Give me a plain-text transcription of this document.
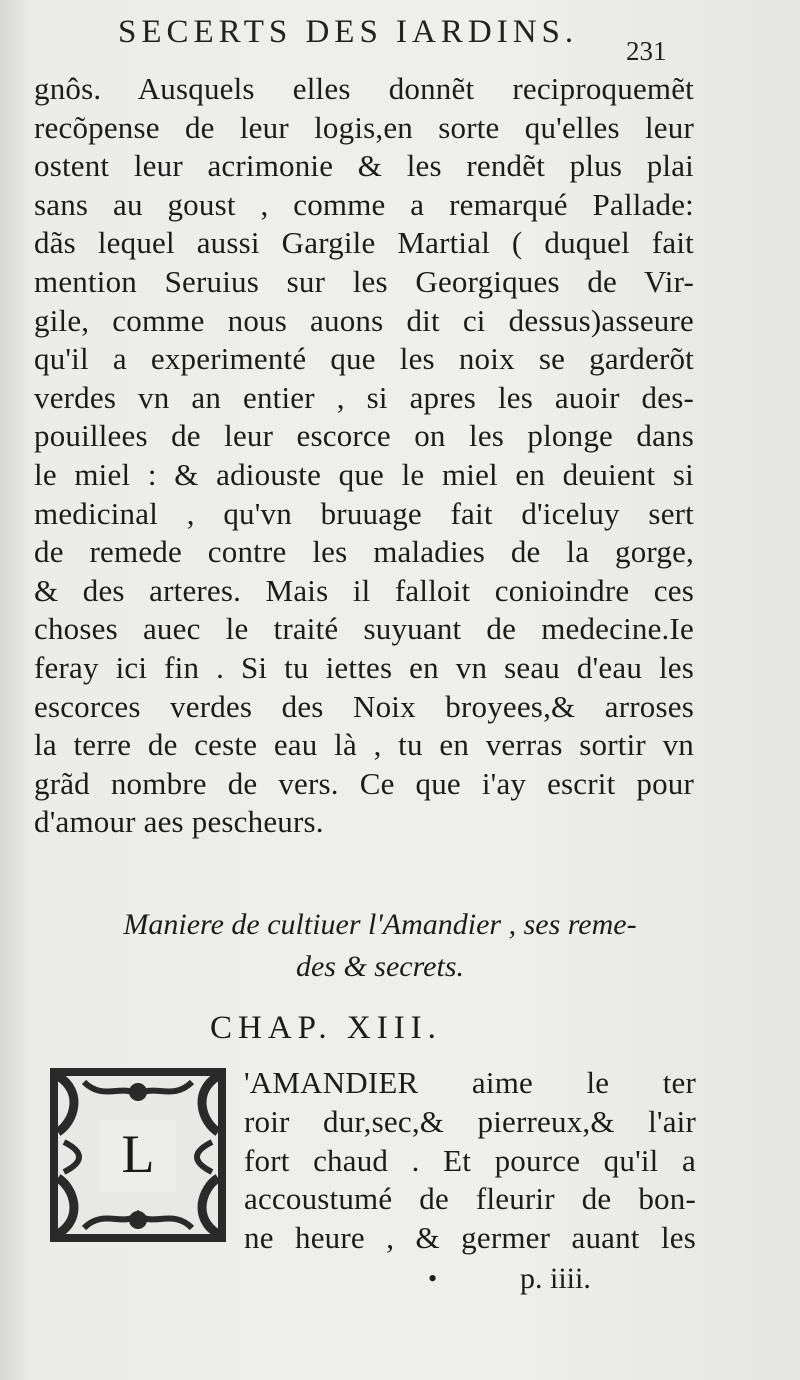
SECERTS DES IARDINS.
231
gnôs. Ausquels elles donnẽt reciproquemẽt
recõpense de leur logis,en sorte qu'elles leur
ostent leur acrimonie & les rendẽt plus plai
sans au goust , comme a remarqué Pallade:
dãs lequel aussi Gargile Martial ( duquel fait
mention Seruius sur les Georgiques de Vir-
gile, comme nous auons dit ci dessus)asseure
qu'il a experimenté que les noix se garderõt
verdes vn an entier , si apres les auoir des-
pouillees de leur escorce on les plonge dans
le miel : & adiouste que le miel en deuient si
medicinal , qu'vn bruuage fait d'iceluy sert
de remede contre les maladies de la gorge,
& des arteres. Mais il falloit conioindre ces
choses auec le traité suyuant de medecine.Ie
feray ici fin . Si tu iettes en vn seau d'eau les
escorces verdes des Noix broyees,& arroses
la terre de ceste eau là , tu en verras sortir vn
grãd nombre de vers. Ce que i'ay escrit pour
d'amour aes pescheurs.
Maniere de cultiuer l'Amandier , ses reme-
des & secrets.
CHAP. XIII.
L
'AMANDIER aime le ter
roir dur,sec,& pierreux,& l'air
fort chaud . Et pource qu'il a
accoustumé de fleurir de bon-
ne heure , & germer auant les
•	p. iiii.
